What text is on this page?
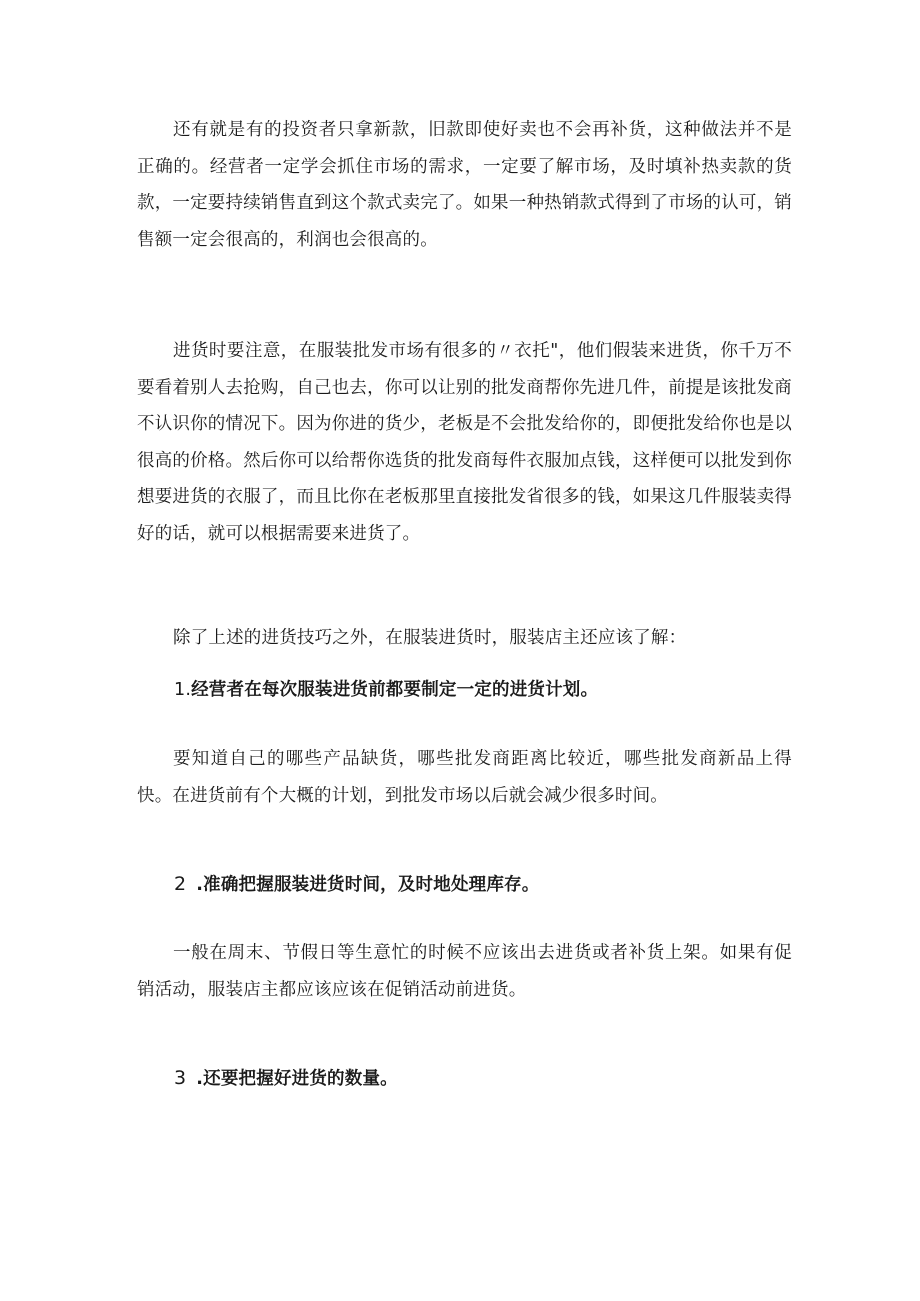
还有就是有的投资者只拿新款，旧款即使好卖也不会再补货，这种做法并不是正确的。经营者一定学会抓住市场的需求，一定要了解市场，及时填补热卖款的货款，一定要持续销售直到这个款式卖完了。如果一种热销款式得到了市场的认可，销售额一定会很高的，利润也会很高的。

进货时要注意，在服装批发市场有很多的〃衣托"，他们假装来进货，你千万不要看着别人去抢购，自己也去，你可以让别的批发商帮你先进几件，前提是该批发商不认识你的情况下。因为你进的货少，老板是不会批发给你的，即便批发给你也是以很高的价格。然后你可以给帮你选货的批发商每件衣服加点钱，这样便可以批发到你想要进货的衣服了，而且比你在老板那里直接批发省很多的钱，如果这几件服装卖得好的话，就可以根据需要来进货了。

除了上述的进货技巧之外，在服装进货时，服装店主还应该了解：

1.经营者在每次服装进货前都要制定一定的进货计划。

要知道自己的哪些产品缺货，哪些批发商距离比较近，哪些批发商新品上得快。在进货前有个大概的计划，到批发市场以后就会减少很多时间。

2 .准确把握服装进货时间，及时地处理库存。

一般在周末、节假日等生意忙的时候不应该出去进货或者补货上架。如果有促销活动，服装店主都应该应该在促销活动前进货。

3 .还要把握好进货的数量。
